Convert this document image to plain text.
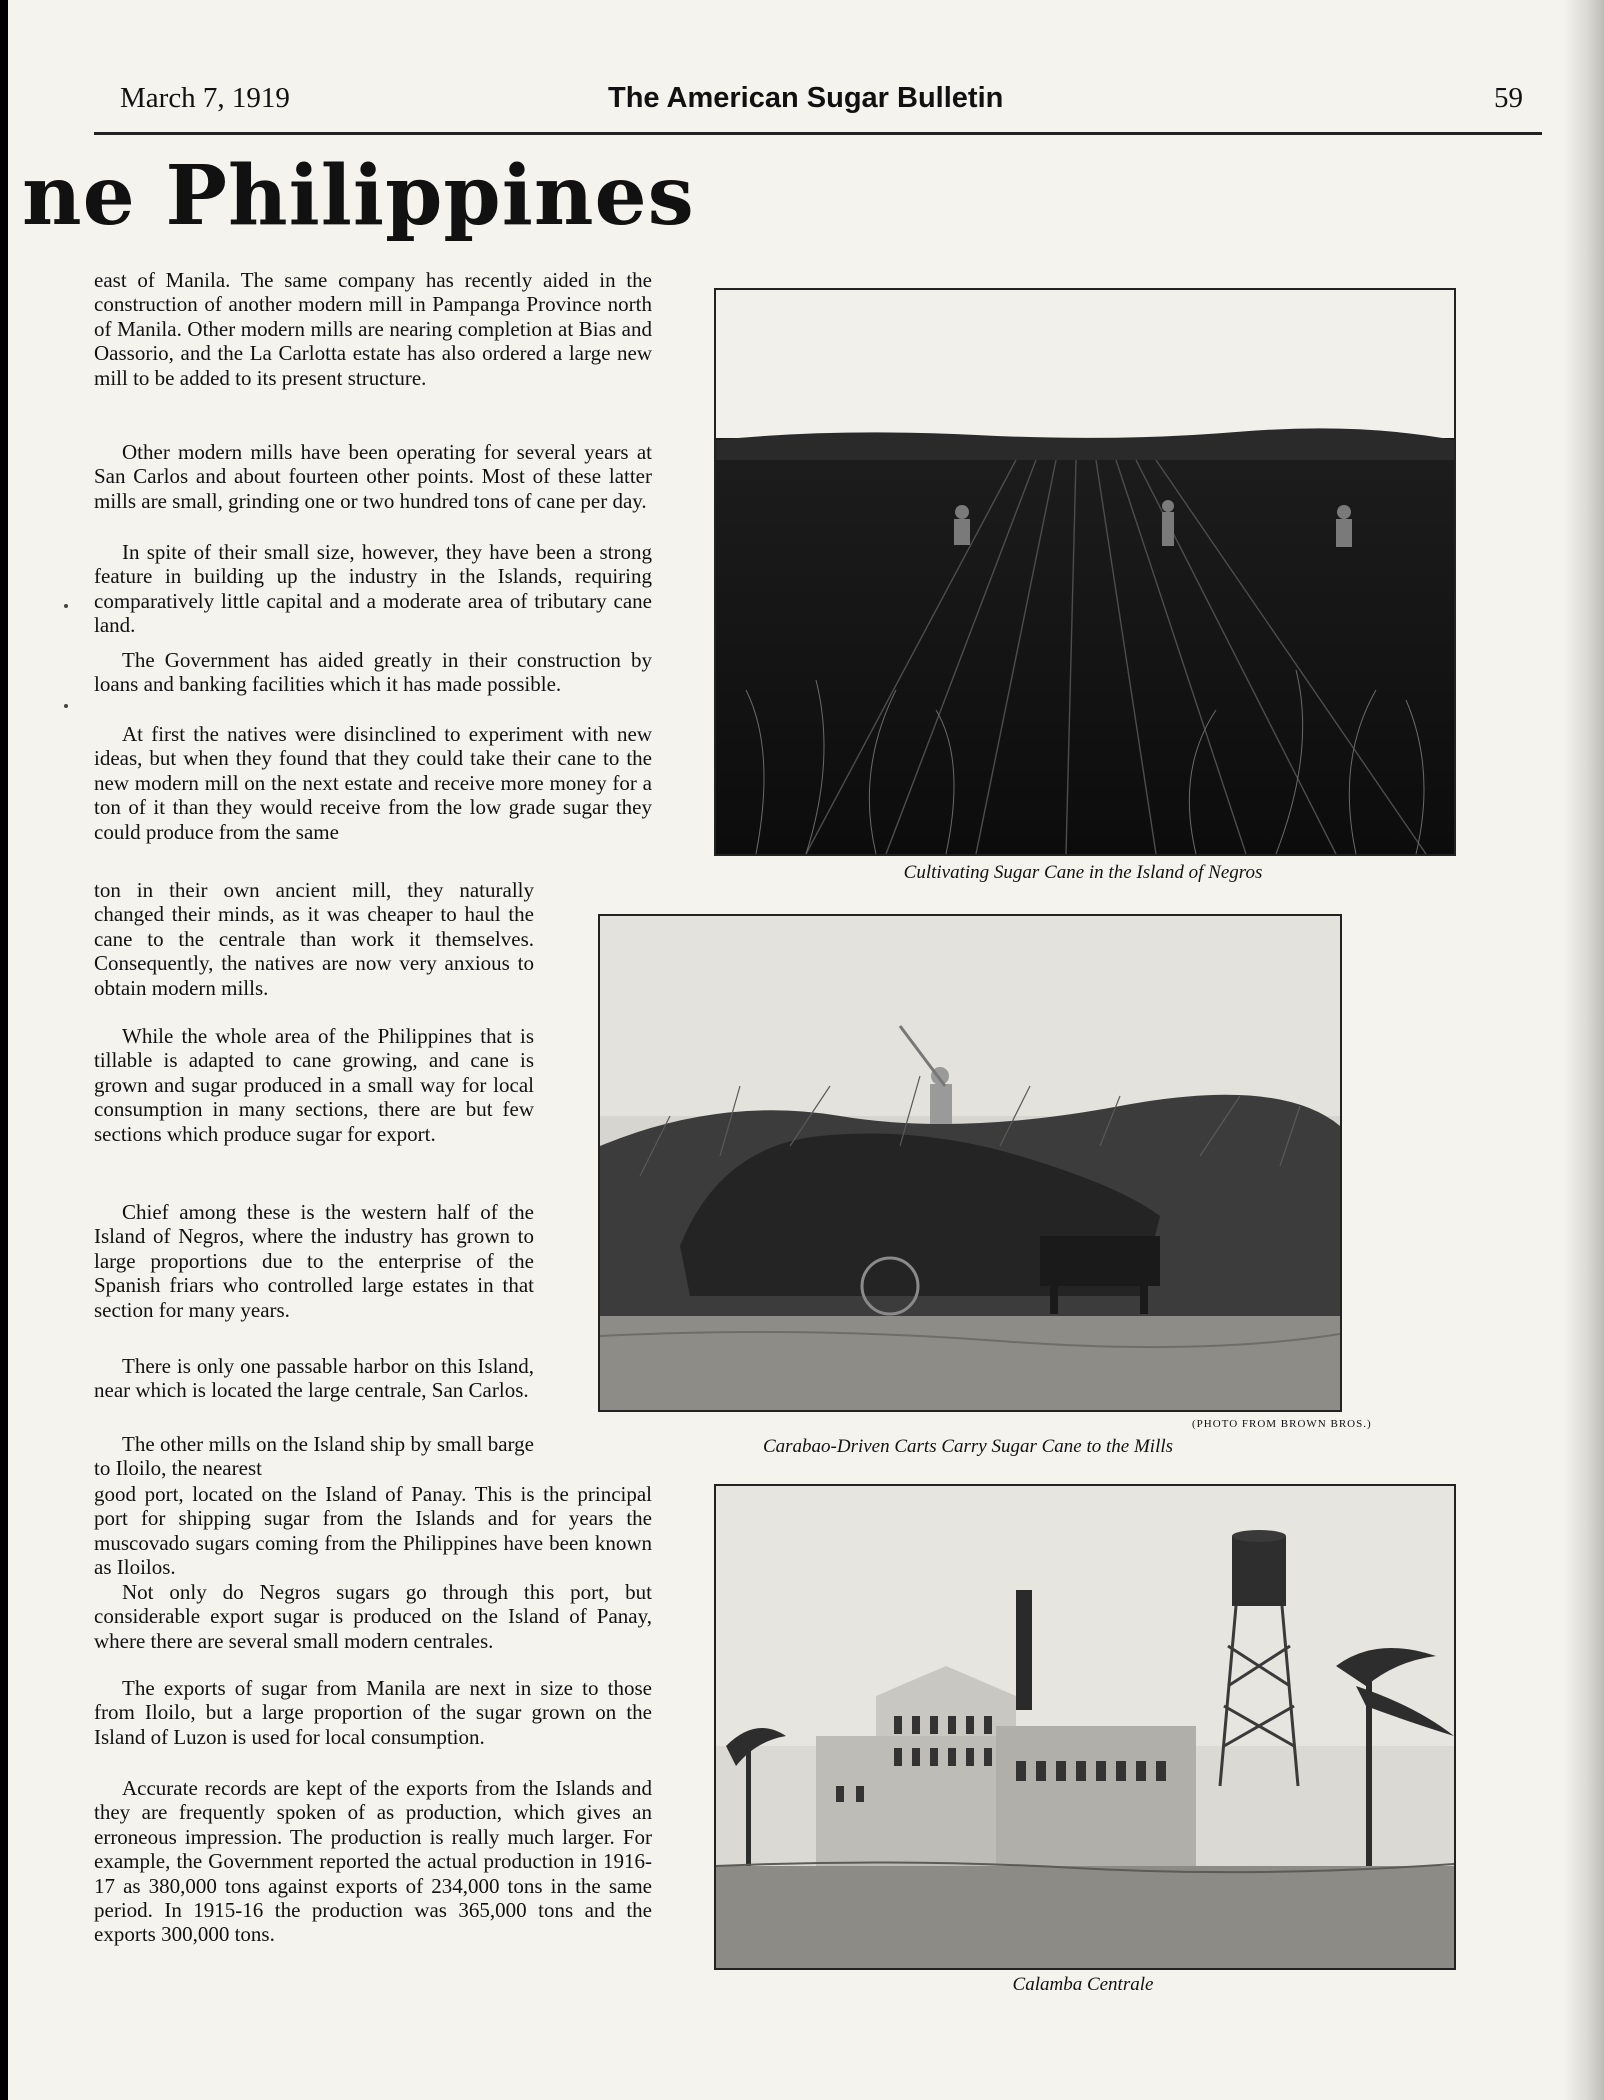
March 7, 1919	The American Sugar Bulletin	59
ne Philippines

east of Manila. The same company has recently aided in the construction of another modern mill in Pampanga Province north of Manila. Other modern mills are nearing completion at Bias and Oassorio, and the La Carlotta estate has also ordered a large new mill to be added to its present structure.

Other modern mills have been operating for several years at San Carlos and about fourteen other points. Most of these latter mills are small, grinding one or two hundred tons of cane per day.

In spite of their small size, however, they have been a strong feature in building up the industry in the Islands, requiring comparatively little capital and a moderate area of tributary cane land.

The Government has aided greatly in their construction by loans and banking facilities which it has made possible.

At first the natives were disinclined to experiment with new ideas, but when they found that they could take their cane to the new modern mill on the next estate and receive more money for a ton of it than they would receive from the low grade sugar they could produce from the same

ton in their own ancient mill, they naturally changed their minds, as it was cheaper to haul the cane to the centrale than work it themselves. Consequently, the natives are now very anxious to obtain modern mills.

While the whole area of the Philippines that is tillable is adapted to cane growing, and cane is grown and sugar produced in a small way for local consumption in many sections, there are but few sections which produce sugar for export.

Chief among these is the western half of the Island of Negros, where the industry has grown to large proportions due to the enterprise of the Spanish friars who controlled large estates in that section for many years.

There is only one passable harbor on this Island, near which is located the large centrale, San Carlos.

The other mills on the Island ship by small barge to Iloilo, the nearest

good port, located on the Island of Panay. This is the principal port for shipping sugar from the Islands and for years the muscovado sugars coming from the Philippines have been known as Iloilos.

Not only do Negros sugars go through this port, but considerable export sugar is produced on the Island of Panay, where there are several small modern centrales.

The exports of sugar from Manila are next in size to those from Iloilo, but a large proportion of the sugar grown on the Island of Luzon is used for local consumption.

Accurate records are kept of the exports from the Islands and they are frequently spoken of as production, which gives an erroneous impression. The production is really much larger. For example, the Government reported the actual production in 1916-17 as 380,000 tons against exports of 234,000 tons in the same period. In 1915-16 the production was 365,000 tons and the exports 300,000 tons.

Cultivating Sugar Cane in the Island of Negros
(PHOTO FROM BROWN BROS.)
Carabao-Driven Carts Carry Sugar Cane to the Mills
Calamba Centrale
